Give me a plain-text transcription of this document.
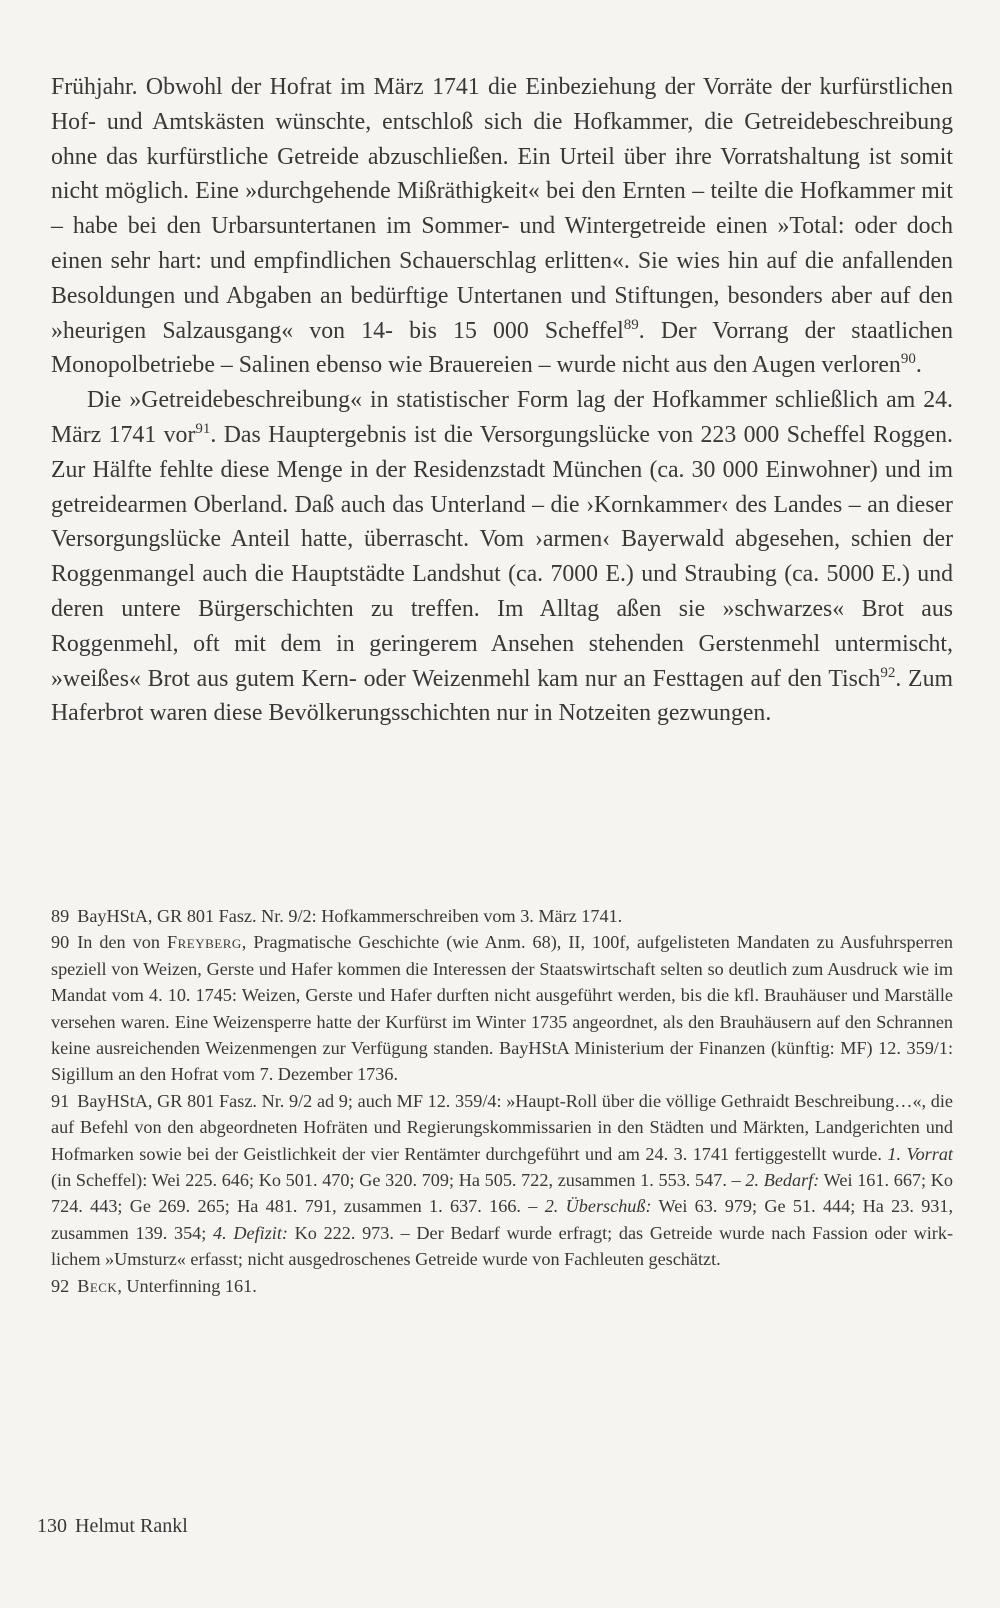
Frühjahr. Obwohl der Hofrat im März 1741 die Einbeziehung der Vorräte der kurfürstlichen Hof- und Amtskästen wünschte, entschloß sich die Hofkammer, die Getreidebeschreibung ohne das kurfürstliche Getreide abzuschließen. Ein Urteil über ihre Vorratshaltung ist somit nicht möglich. Eine »durchgehende Mißräthigkeit« bei den Ernten – teilte die Hofkammer mit – habe bei den Urbarsuntertanen im Sommer- und Wintergetreide einen »Total: oder doch einen sehr hart: und empfindlichen Schauerschlag erlitten«. Sie wies hin auf die anfallenden Besoldungen und Abgaben an bedürftige Untertanen und Stiftungen, besonders aber auf den »heurigen Salzausgang« von 14- bis 15 000 Scheffel$^{89}$. Der Vorrang der staatlichen Monopolbetriebe – Salinen ebenso wie Brauereien – wurde nicht aus den Augen verloren$^{90}$.

Die »Getreidebeschreibung« in statistischer Form lag der Hofkammer schließlich am 24. März 1741 vor$^{91}$. Das Hauptergebnis ist die Versorgungslücke von 223 000 Scheffel Roggen. Zur Hälfte fehlte diese Menge in der Residenzstadt München (ca. 30 000 Einwohner) und im getreidearmen Oberland. Daß auch das Unterland – die ›Kornkammer‹ des Landes – an dieser Versorgungslücke Anteil hatte, überrascht. Vom ›armen‹ Bayerwald abgesehen, schien der Roggenmangel auch die Hauptstädte Landshut (ca. 7000 E.) und Straubing (ca. 5000 E.) und deren untere Bürgerschichten zu treffen. Im Alltag aßen sie »schwarzes« Brot aus Roggenmehl, oft mit dem in geringerem Ansehen stehenden Gerstenmehl untermischt, »weißes« Brot aus gutem Kern- oder Weizenmehl kam nur an Festtagen auf den Tisch$^{92}$. Zum Haferbrot waren diese Bevölkerungsschichten nur in Notzeiten gezwungen.

89 BayHStA, GR 801 Fasz. Nr. 9/2: Hofkammerschreiben vom 3. März 1741.

90 In den von Freyberg, Pragmatische Geschichte (wie Anm. 68), II, 100f, aufgelisteten Mandaten zu Ausfuhrsperren speziell von Weizen, Gerste und Hafer kommen die Interessen der Staatswirtschaft selten so deutlich zum Ausdruck wie im Mandat vom 4. 10. 1745: Weizen, Gerste und Hafer durften nicht ausgeführt werden, bis die kfl. Brauhäuser und Marställe versehen waren. Eine Weizensperre hatte der Kurfürst im Winter 1735 angeordnet, als den Brauhäusern auf den Schrannen keine ausreichenden Weizenmengen zur Verfügung standen. BayHStA Ministerium der Finanzen (künftig: MF) 12. 359/1: Sigillum an den Hofrat vom 7. Dezember 1736.

91 BayHStA, GR 801 Fasz. Nr. 9/2 ad 9; auch MF 12. 359/4: »Haupt-Roll über die völlige Gethraidt Beschreibung…«, die auf Befehl von den abgeordneten Hofräten und Regierungskommissarien in den Städten und Märkten, Landgerichten und Hofmarken sowie bei der Geistlichkeit der vier Rentämter durchgeführt und am 24. 3. 1741 fertiggestellt wurde. 1. Vorrat (in Scheffel): Wei 225. 646; Ko 501. 470; Ge 320. 709; Ha 505. 722, zusammen 1. 553. 547. – 2. Bedarf: Wei 161. 667; Ko 724. 443; Ge 269. 265; Ha 481. 791, zusammen 1. 637. 166. – 2. Überschuß: Wei 63. 979; Ge 51. 444; Ha 23. 931, zusammen 139. 354; 4. Defizit: Ko 222. 973. – Der Bedarf wurde erfragt; das Getreide wurde nach Fassion oder wirklichem »Umsturz« erfasst; nicht ausgedroschenes Getreide wurde von Fachleuten geschätzt.

92 Beck, Unterfinning 161.

130 Helmut Rankl
